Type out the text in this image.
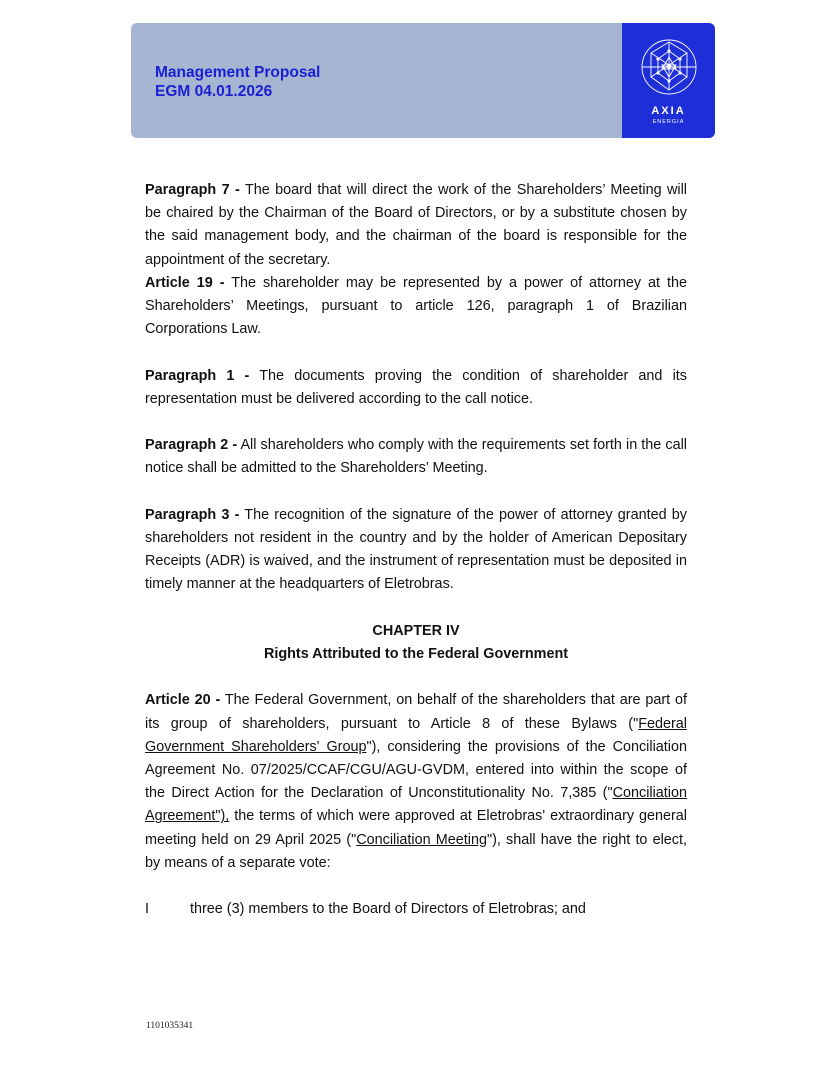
Management Proposal
EGM 04.01.2026
AXIA
ENERGIA

Paragraph 7 - The board that will direct the work of the Shareholders’ Meeting will be chaired by the Chairman of the Board of Directors, or by a substitute chosen by the said management body, and the chairman of the board is responsible for the appointment of the secretary.

Article 19 - The shareholder may be represented by a power of attorney at the Shareholders’ Meetings, pursuant to article 126, paragraph 1 of Brazilian Corporations Law.

Paragraph 1 - The documents proving the condition of shareholder and its representation must be delivered according to the call notice.

Paragraph 2 - All shareholders who comply with the requirements set forth in the call notice shall be admitted to the Shareholders’ Meeting.

Paragraph 3 - The recognition of the signature of the power of attorney granted by shareholders not resident in the country and by the holder of American Depositary Receipts (ADR) is waived, and the instrument of representation must be deposited in timely manner at the headquarters of Eletrobras.

CHAPTER IV

Rights Attributed to the Federal Government

Article 20 - The Federal Government, on behalf of the shareholders that are part of its group of shareholders, pursuant to Article 8 of these Bylaws ("Federal Government Shareholders' Group"), considering the provisions of the Conciliation Agreement No. 07/2025/CCAF/CGU/AGU-GVDM, entered into within the scope of the Direct Action for the Declaration of Unconstitutionality No. 7,385 ("Conciliation Agreement"), the terms of which were approved at Eletrobras' extraordinary general meeting held on 29 April 2025 ("Conciliation Meeting"), shall have the right to elect, by means of a separate vote:

I	three (3) members to the Board of Directors of Eletrobras; and
1101035341
